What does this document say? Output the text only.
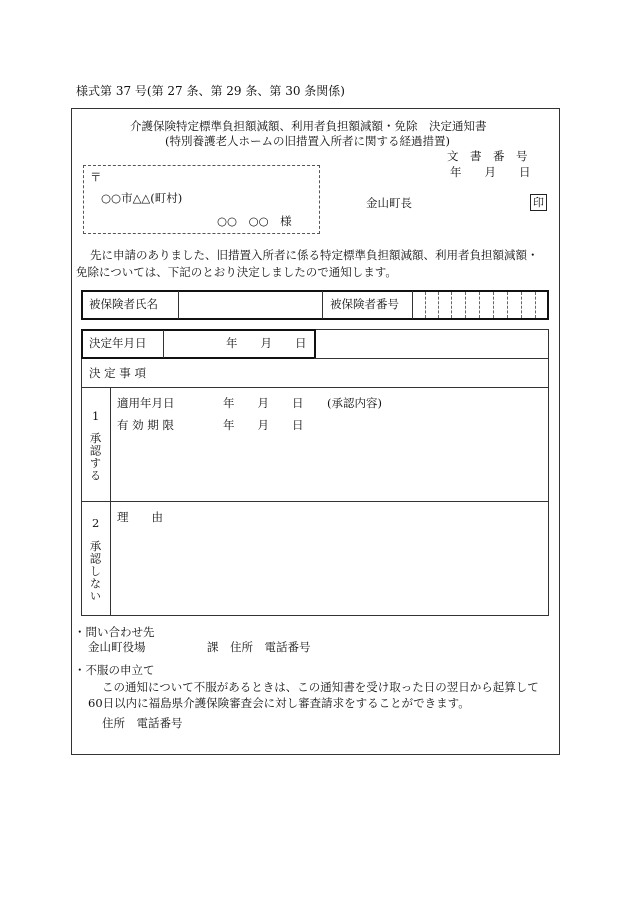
様式第 37 号(第 27 条、第 29 条、第 30 条関係)
介護保険特定標準負担額減額、利用者負担額減額・免除　決定通知書
(特別養護老人ホームの旧措置入所者に関する経過措置)
文　書　番　号
年　　月　　日
〒
○○市△△(町村)
○○　○○　様
金山町長	印
先に申請のありました、旧措置入所者に係る特定標準負担額減額、利用者負担額減額・
免除については、下記のとおり決定しましたので通知します。
被保険者氏名	被保険者番号
決定年月日	年　　月　　日
決 定 事 項
1
承認する
適用年月日	年　　月　　日 (承認内容)
有 効 期 限	年　　月　　日
2
承認しない
理　　由
・問い合わせ先
金山町役場	課　住所　電話番号
・不服の申立て
この通知について不服があるときは、この通知書を受け取った日の翌日から起算して
60日以内に福島県介護保険審査会に対し審査請求をすることができます。
住所　電話番号
